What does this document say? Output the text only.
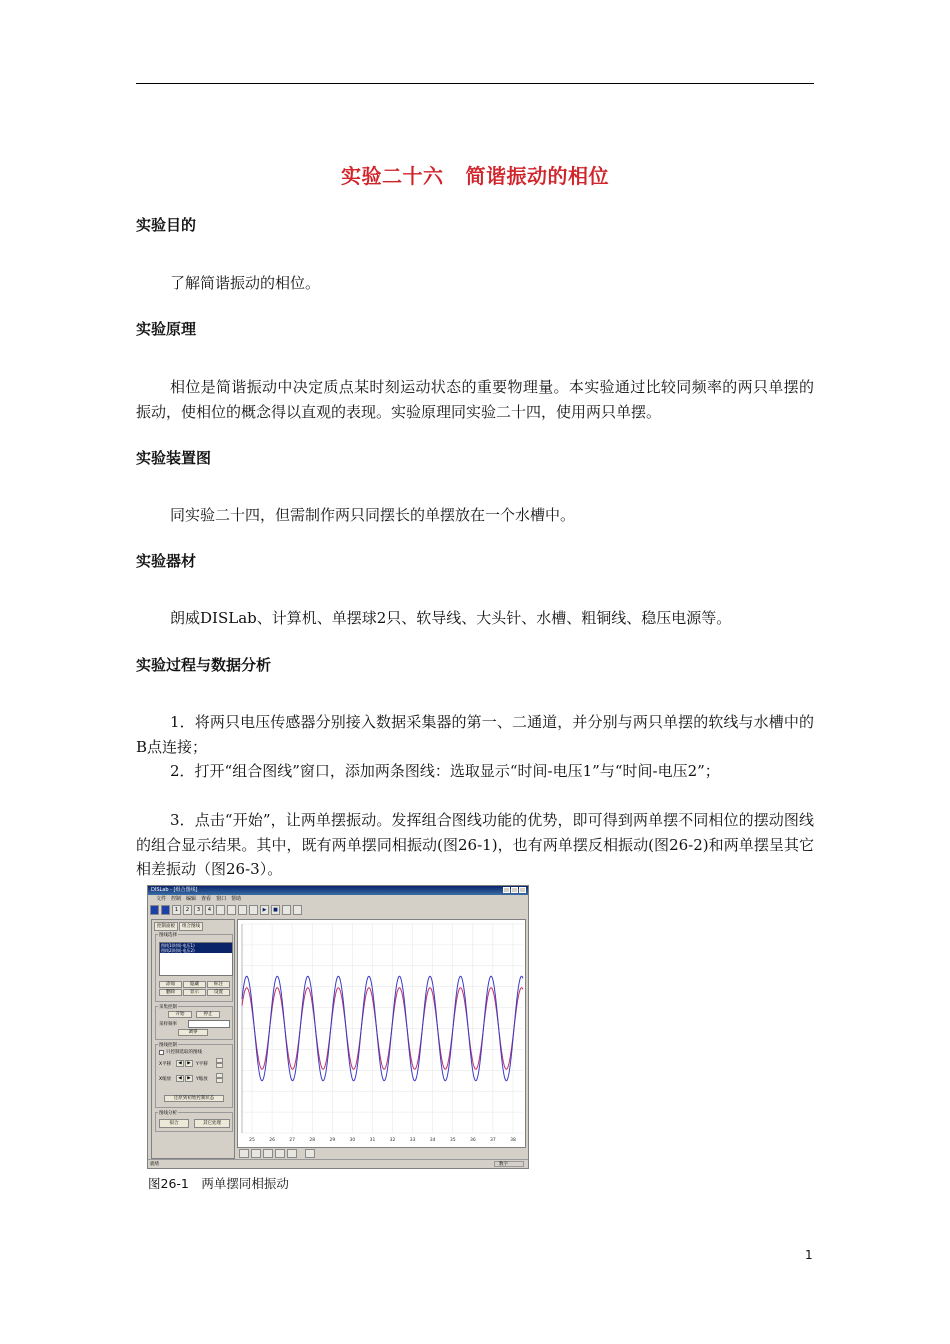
实验二十六 简谐振动的相位
实验目的
了解简谐振动的相位。
实验原理
相位是简谐振动中决定质点某时刻运动状态的重要物理量。本实验通过比较同频率的两只单摆的振动，使相位的概念得以直观的表现。实验原理同实验二十四，使用两只单摆。
实验装置图
同实验二十四，但需制作两只同摆长的单摆放在一个水槽中。
实验器材
朗威DISLab、计算机、单摆球2只、软导线、大头针、水槽、粗铜线、稳压电源等。
实验过程与数据分析
1．将两只电压传感器分别接入数据采集器的第一、二通道，并分别与两只单摆的软线与水槽中的B点连接；
2．打开“组合图线”窗口，添加两条图线：选取显示“时间-电压1”与“时间-电压2”；
3．点击“开始”，让两单摆振动。发挥组合图线功能的优势，即可得到两单摆不同相位的摆动图线的组合显示结果。其中，既有两单摆同相振动(图26-1)，也有两单摆反相振动(图26-2)和两单摆呈其它相差振动（图26-3）。
DISLab - [组合图线]
文件 控制 编辑 查看 窗口 帮助
1	2	3	4	▶	■
控制面板	组合图线
图线选择
图线1(时间-电压1)
图线2(时间-电压2)
添加	隐藏	标注
删除	显示	设置
采集控制
开始	停止
采样频率
调零
图线控制
只控制选取的图线
X平移	◀	▶	Y平移
X缩放	◀	▶	Y缩放
还原到初始控制状态
图线分析
拟合	其它处理
25	26	27	28	29	30	31	32	33	34	35	36	37	38
就绪	数字
图26-1　两单摆同相振动
1
